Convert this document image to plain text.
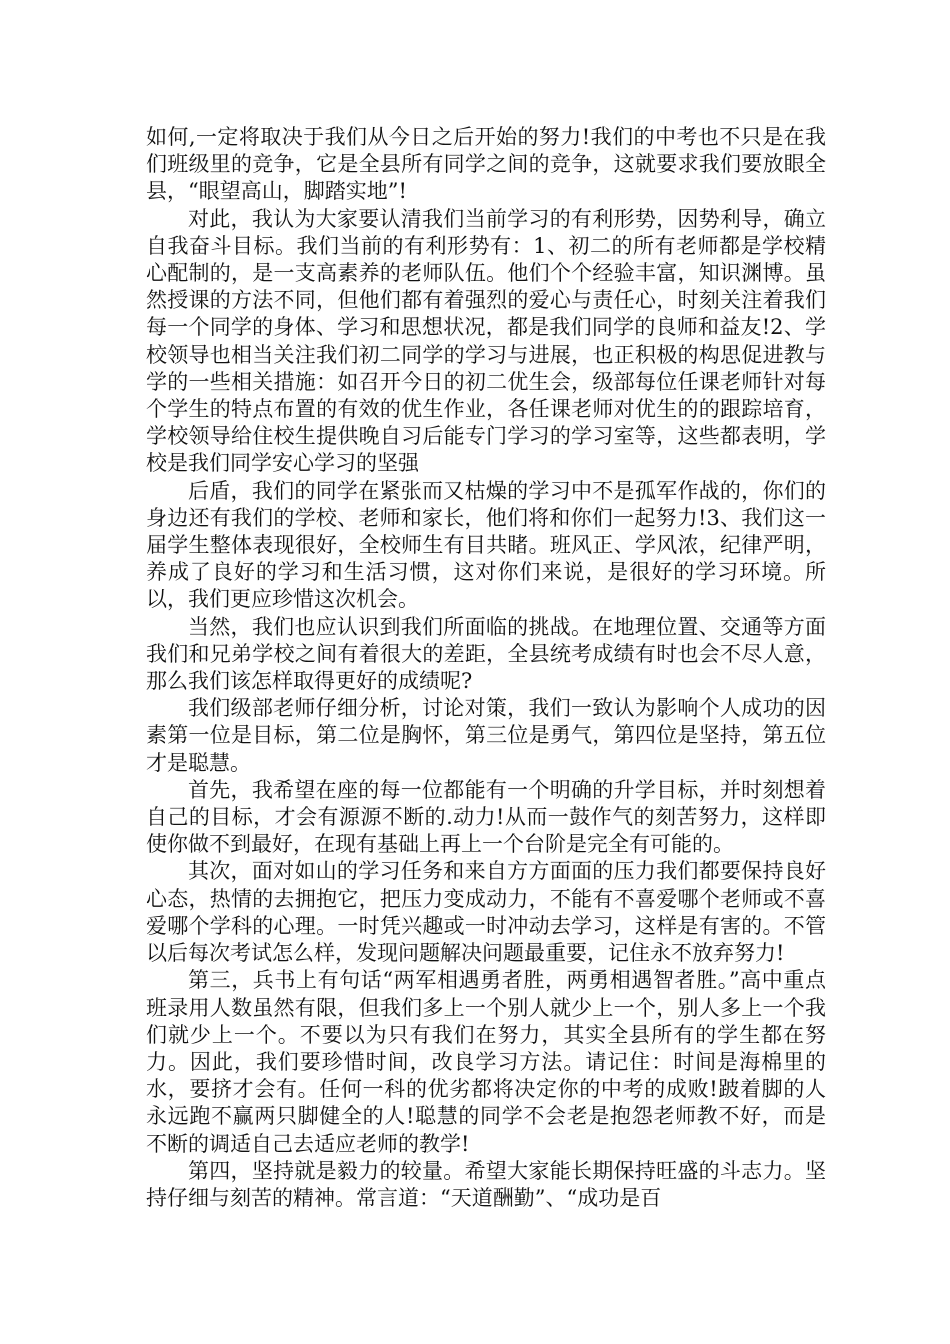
如何,一定将取决于我们从今日之后开始的努力!我们的中考也不只是在我们班级里的竞争，它是全县所有同学之间的竞争，这就要求我们要放眼全县，“眼望高山，脚踏实地”!

对此，我认为大家要认清我们当前学习的有利形势，因势利导，确立自我奋斗目标。我们当前的有利形势有：1、初二的所有老师都是学校精心配制的，是一支高素养的老师队伍。他们个个经验丰富，知识渊博。虽然授课的方法不同，但他们都有着强烈的爱心与责任心，时刻关注着我们每一个同学的身体、学习和思想状况，都是我们同学的良师和益友!2、学校领导也相当关注我们初二同学的学习与进展，也正积极的构思促进教与学的一些相关措施：如召开今日的初二优生会，级部每位任课老师针对每个学生的特点布置的有效的优生作业，各任课老师对优生的的跟踪培育，学校领导给住校生提供晚自习后能专门学习的学习室等，这些都表明，学校是我们同学安心学习的坚强

后盾，我们的同学在紧张而又枯燥的学习中不是孤军作战的，你们的身边还有我们的学校、老师和家长，他们将和你们一起努力!3、我们这一届学生整体表现很好，全校师生有目共睹。班风正、学风浓，纪律严明，养成了良好的学习和生活习惯，这对你们来说，是很好的学习环境。所以，我们更应珍惜这次机会。

当然，我们也应认识到我们所面临的挑战。在地理位置、交通等方面我们和兄弟学校之间有着很大的差距，全县统考成绩有时也会不尽人意，那么我们该怎样取得更好的成绩呢?

我们级部老师仔细分析，讨论对策，我们一致认为影响个人成功的因素第一位是目标，第二位是胸怀，第三位是勇气，第四位是坚持，第五位才是聪慧。

首先，我希望在座的每一位都能有一个明确的升学目标，并时刻想着自己的目标，才会有源源不断的.动力!从而一鼓作气的刻苦努力，这样即使你做不到最好，在现有基础上再上一个台阶是完全有可能的。

其次，面对如山的学习任务和来自方方面面的压力我们都要保持良好心态，热情的去拥抱它，把压力变成动力，不能有不喜爱哪个老师或不喜爱哪个学科的心理。一时凭兴趣或一时冲动去学习，这样是有害的。不管以后每次考试怎么样，发现问题解决问题最重要，记住永不放弃努力!

第三，兵书上有句话“两军相遇勇者胜，两勇相遇智者胜。”高中重点班录用人数虽然有限，但我们多上一个别人就少上一个，别人多上一个我们就少上一个。不要以为只有我们在努力，其实全县所有的学生都在努力。因此，我们要珍惜时间，改良学习方法。请记住：时间是海棉里的水，要挤才会有。任何一科的优劣都将决定你的中考的成败!跛着脚的人永远跑不赢两只脚健全的人!聪慧的同学不会老是抱怨老师教不好，而是不断的调适自己去适应老师的教学!

第四，坚持就是毅力的较量。希望大家能长期保持旺盛的斗志力。坚持仔细与刻苦的精神。常言道：“天道酬勤”、“成功是百
